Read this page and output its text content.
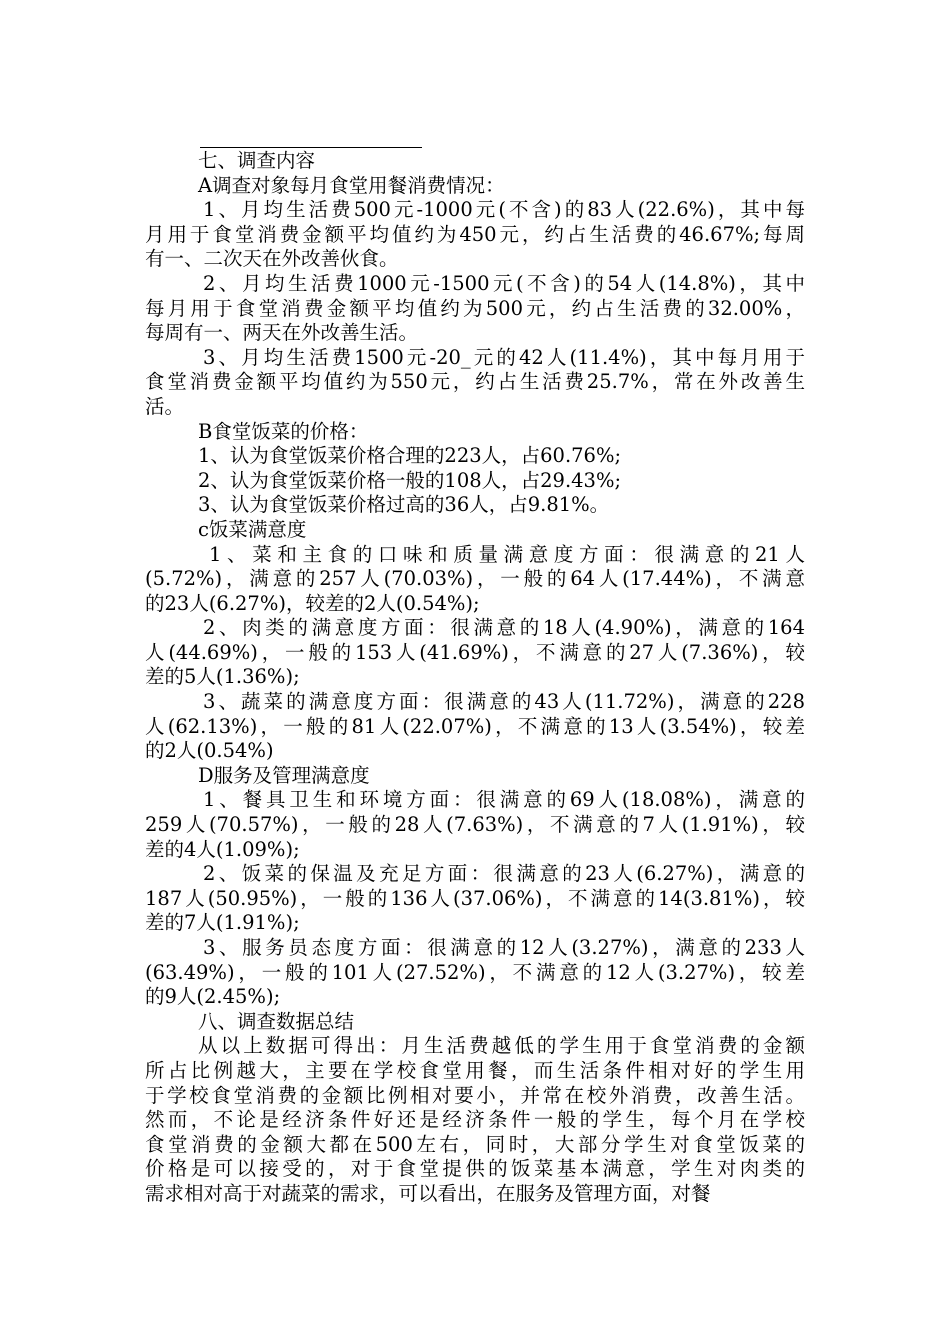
七、调查内容
A调查对象每月食堂用餐消费情况：
1、月均生活费500元-1000元(不含)的83人(22.6%)，其中每
月用于食堂消费金额平均值约为450元，约占生活费的46.67%;每周
有一、二次天在外改善伙食。
2、月均生活费1000元-1500元(不含)的54人(14.8%)，其中
每月用于食堂消费金额平均值约为500元，约占生活费的32.00%，
每周有一、两天在外改善生活。
3、月均生活费1500元-20_元的42人(11.4%)，其中每月用于
食堂消费金额平均值约为550元，约占生活费25.7%，常在外改善生
活。
B食堂饭菜的价格：
1、认为食堂饭菜价格合理的223人，占60.76%;
2、认为食堂饭菜价格一般的108人，占29.43%;
3、认为食堂饭菜价格过高的36人，占9.81%。
c饭菜满意度
1、菜和主食的口味和质量满意度方面：很满意的21人
(5.72%)，满意的257人(70.03%)，一般的64人(17.44%)，不满意
的23人(6.27%)，较差的2人(0.54%);
2、肉类的满意度方面：很满意的18人(4.90%)，满意的164
人(44.69%)，一般的153人(41.69%)，不满意的27人(7.36%)，较
差的5人(1.36%);
3、蔬菜的满意度方面：很满意的43人(11.72%)，满意的228
人(62.13%)，一般的81人(22.07%)，不满意的13人(3.54%)，较差
的2人(0.54%)
D服务及管理满意度
1、餐具卫生和环境方面：很满意的69人(18.08%)，满意的
259人(70.57%)，一般的28人(7.63%)，不满意的7人(1.91%)，较
差的4人(1.09%);
2、饭菜的保温及充足方面：很满意的23人(6.27%)，满意的
187人(50.95%)，一般的136人(37.06%)，不满意的14(3.81%)，较
差的7人(1.91%);
3、服务员态度方面：很满意的12人(3.27%)，满意的233人
(63.49%)，一般的101人(27.52%)，不满意的12人(3.27%)，较差
的9人(2.45%);
八、调查数据总结
从以上数据可得出：月生活费越低的学生用于食堂消费的金额
所占比例越大，主要在学校食堂用餐，而生活条件相对好的学生用
于学校食堂消费的金额比例相对要小，并常在校外消费，改善生活。
然而，不论是经济条件好还是经济条件一般的学生，每个月在学校
食堂消费的金额大都在500左右，同时，大部分学生对食堂饭菜的
价格是可以接受的，对于食堂提供的饭菜基本满意，学生对肉类的
需求相对高于对蔬菜的需求，可以看出，在服务及管理方面，对餐
